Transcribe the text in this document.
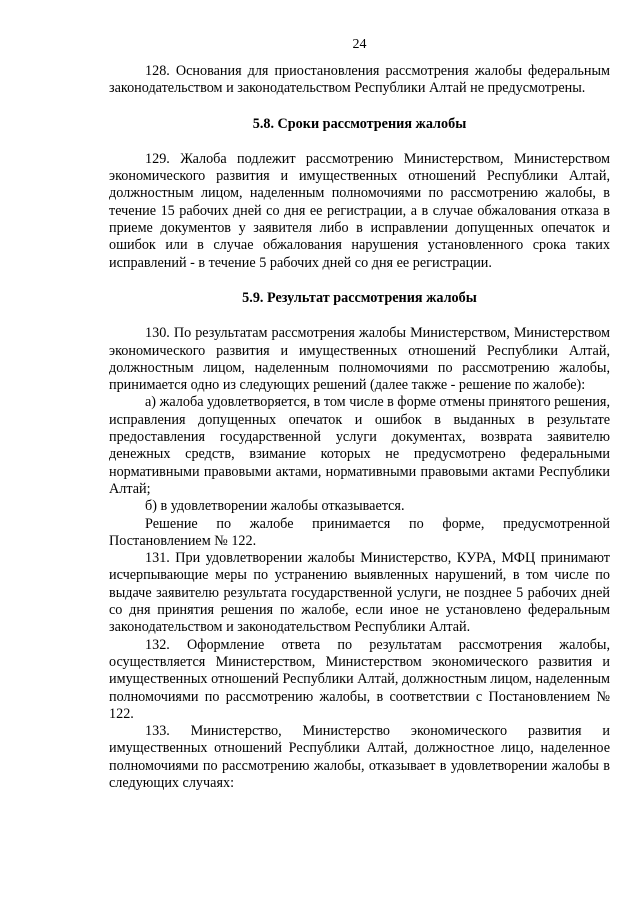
24

128. Основания для приостановления рассмотрения жалобы федеральным законодательством и законодательством Республики Алтай не предусмотрены.

5.8. Сроки рассмотрения жалобы

129. Жалоба подлежит рассмотрению Министерством, Министерством экономического развития и имущественных отношений Республики Алтай, должностным лицом, наделенным полномочиями по рассмотрению жалобы, в течение 15 рабочих дней со дня ее регистрации, а в случае обжалования отказа в приеме документов у заявителя либо в исправлении допущенных опечаток и ошибок или в случае обжалования нарушения установленного срока таких исправлений - в течение 5 рабочих дней со дня ее регистрации.

5.9. Результат рассмотрения жалобы

130. По результатам рассмотрения жалобы Министерством, Министерством экономического развития и имущественных отношений Республики Алтай, должностным лицом, наделенным полномочиями по рассмотрению жалобы, принимается одно из следующих решений (далее также - решение по жалобе):

а) жалоба удовлетворяется, в том числе в форме отмены принятого решения, исправления допущенных опечаток и ошибок в выданных в результате предоставления государственной услуги документах, возврата заявителю денежных средств, взимание которых не предусмотрено федеральными нормативными правовыми актами, нормативными правовыми актами Республики Алтай;

б) в удовлетворении жалобы отказывается.

Решение по жалобе принимается по форме, предусмотренной Постановлением № 122.

131. При удовлетворении жалобы Министерство, КУРА, МФЦ принимают исчерпывающие меры по устранению выявленных нарушений, в том числе по выдаче заявителю результата государственной услуги, не позднее 5 рабочих дней со дня принятия решения по жалобе, если иное не установлено федеральным законодательством и законодательством Республики Алтай.

132. Оформление ответа по результатам рассмотрения жалобы, осуществляется Министерством, Министерством экономического развития и имущественных отношений Республики Алтай, должностным лицом, наделенным полномочиями по рассмотрению жалобы, в соответствии с Постановлением № 122.

133. Министерство, Министерство экономического развития и имущественных отношений Республики Алтай, должностное лицо, наделенное полномочиями по рассмотрению жалобы, отказывает в удовлетворении жалобы в следующих случаях:
